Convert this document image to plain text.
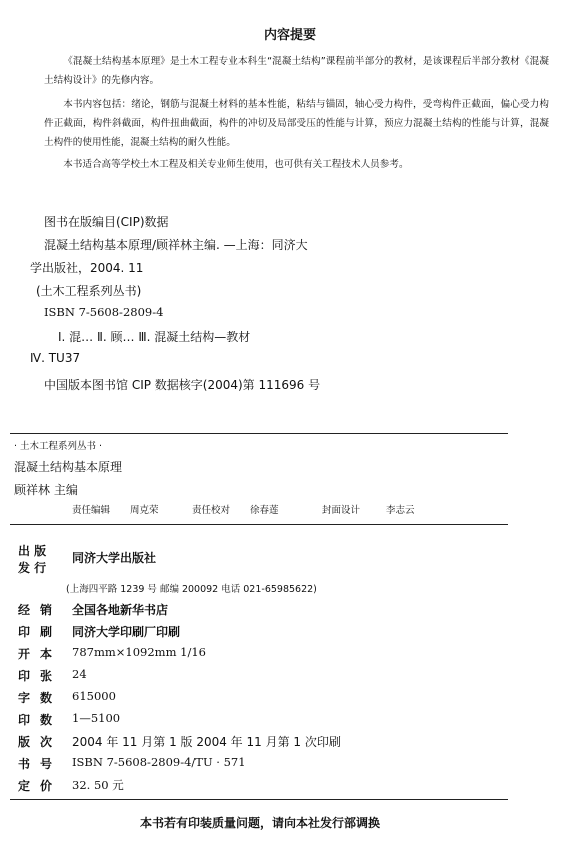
内容提要
《混凝土结构基本原理》是土木工程专业本科生“混凝土结构”课程前半部分的教材，是该课程后半部分教材《混凝土结构设计》的先修内容。
本书内容包括：绪论，钢筋与混凝土材料的基本性能，粘结与锚固，轴心受力构件，受弯构件正截面，偏心受力构件正截面，构件斜截面，构件扭曲截面，构件的冲切及局部受压的性能与计算，预应力混凝土结构的性能与计算，混凝土构件的使用性能，混凝土结构的耐久性能。
本书适合高等学校土木工程及相关专业师生使用，也可供有关工程技术人员参考。
图书在版编目(CIP)数据
混凝土结构基本原理/顾祥林主编. —上海：同济大
学出版社，2004. 11
(土木工程系列丛书)
ISBN 7-5608-2809-4
Ⅰ. 混… Ⅱ. 顾… Ⅲ. 混凝土结构—教材
Ⅳ. TU37
中国版本图书馆 CIP 数据核字(2004)第 111696 号
· 土木工程系列丛书 ·
混凝土结构基本原理
顾祥林 主编
责任编辑 周克荣	责任校对 徐春莲	封面设计	李志云
出 版
发 行
同济大学出版社
(上海四平路 1239 号 邮编 200092 电话 021-65985622)
经销 全国各地新华书店
印刷 同济大学印刷厂印刷
开本 787mm×1092mm 1/16
印张 24
字数 615000
印数 1—5100
版次 2004 年 11 月第 1 版 2004 年 11 月第 1 次印刷
书号 ISBN 7-5608-2809-4/TU · 571
定价 32. 50 元
本书若有印装质量问题，请向本社发行部调换
